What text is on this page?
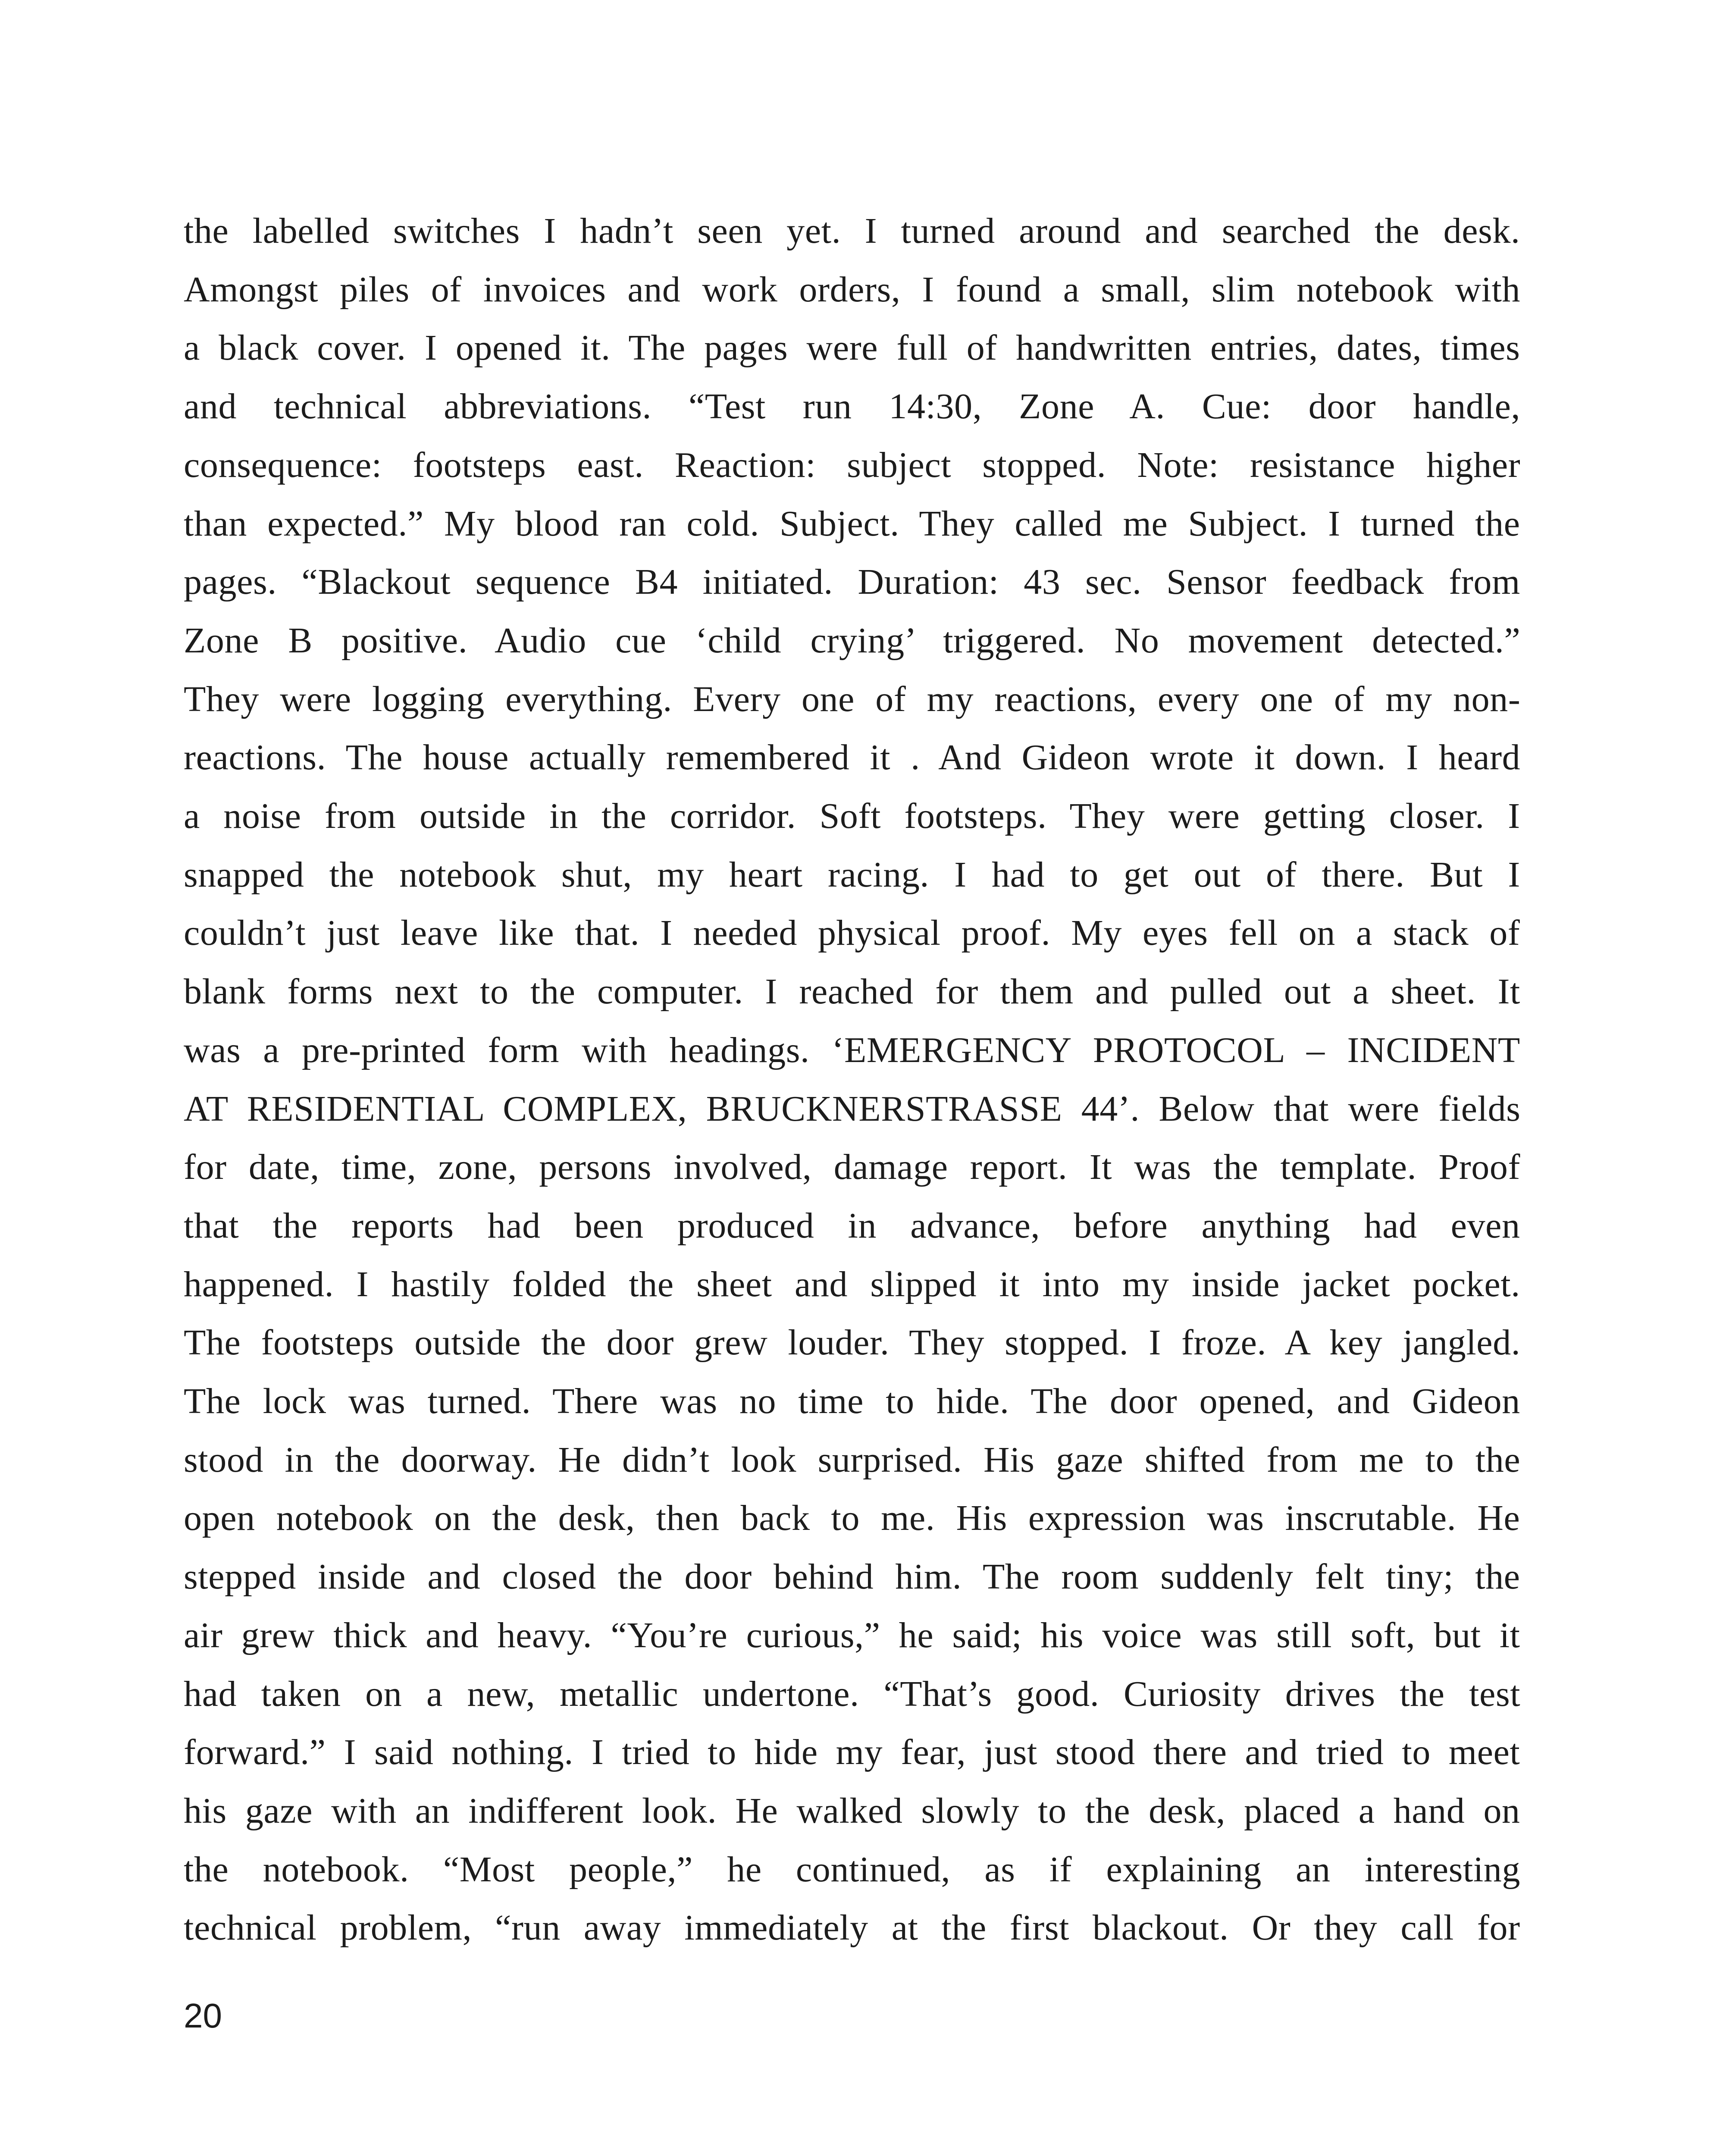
the labelled switches I hadn’t seen yet. I turned around and searched the desk.
Amongst piles of invoices and work orders, I found a small, slim notebook with
a black cover. I opened it. The pages were full of handwritten entries, dates, times
and technical abbreviations. “Test run 14:30, Zone A. Cue: door handle,
consequence: footsteps east. Reaction: subject stopped. Note: resistance higher
than expected.” My blood ran cold. Subject. They called me Subject. I turned the
pages. “Blackout sequence B4 initiated. Duration: 43 sec. Sensor feedback from
Zone B positive. Audio cue ‘child crying’ triggered. No movement detected.”
They were logging everything. Every one of my reactions, every one of my non-
reactions. The house actually remembered it . And Gideon wrote it down. I heard
a noise from outside in the corridor. Soft footsteps. They were getting closer. I
snapped the notebook shut, my heart racing. I had to get out of there. But I
couldn’t just leave like that. I needed physical proof. My eyes fell on a stack of
blank forms next to the computer. I reached for them and pulled out a sheet. It
was a pre-printed form with headings. ‘EMERGENCY PROTOCOL – INCIDENT
AT RESIDENTIAL COMPLEX, BRUCKNERSTRASSE 44’. Below that were fields
for date, time, zone, persons involved, damage report. It was the template. Proof
that the reports had been produced in advance, before anything had even
happened. I hastily folded the sheet and slipped it into my inside jacket pocket.
The footsteps outside the door grew louder. They stopped. I froze. A key jangled.
The lock was turned. There was no time to hide. The door opened, and Gideon
stood in the doorway. He didn’t look surprised. His gaze shifted from me to the
open notebook on the desk, then back to me. His expression was inscrutable. He
stepped inside and closed the door behind him. The room suddenly felt tiny; the
air grew thick and heavy. “You’re curious,” he said; his voice was still soft, but it
had taken on a new, metallic undertone. “That’s good. Curiosity drives the test
forward.” I said nothing. I tried to hide my fear, just stood there and tried to meet
his gaze with an indifferent look. He walked slowly to the desk, placed a hand on
the notebook. “Most people,” he continued, as if explaining an interesting
technical problem, “run away immediately at the first blackout. Or they call for

20
